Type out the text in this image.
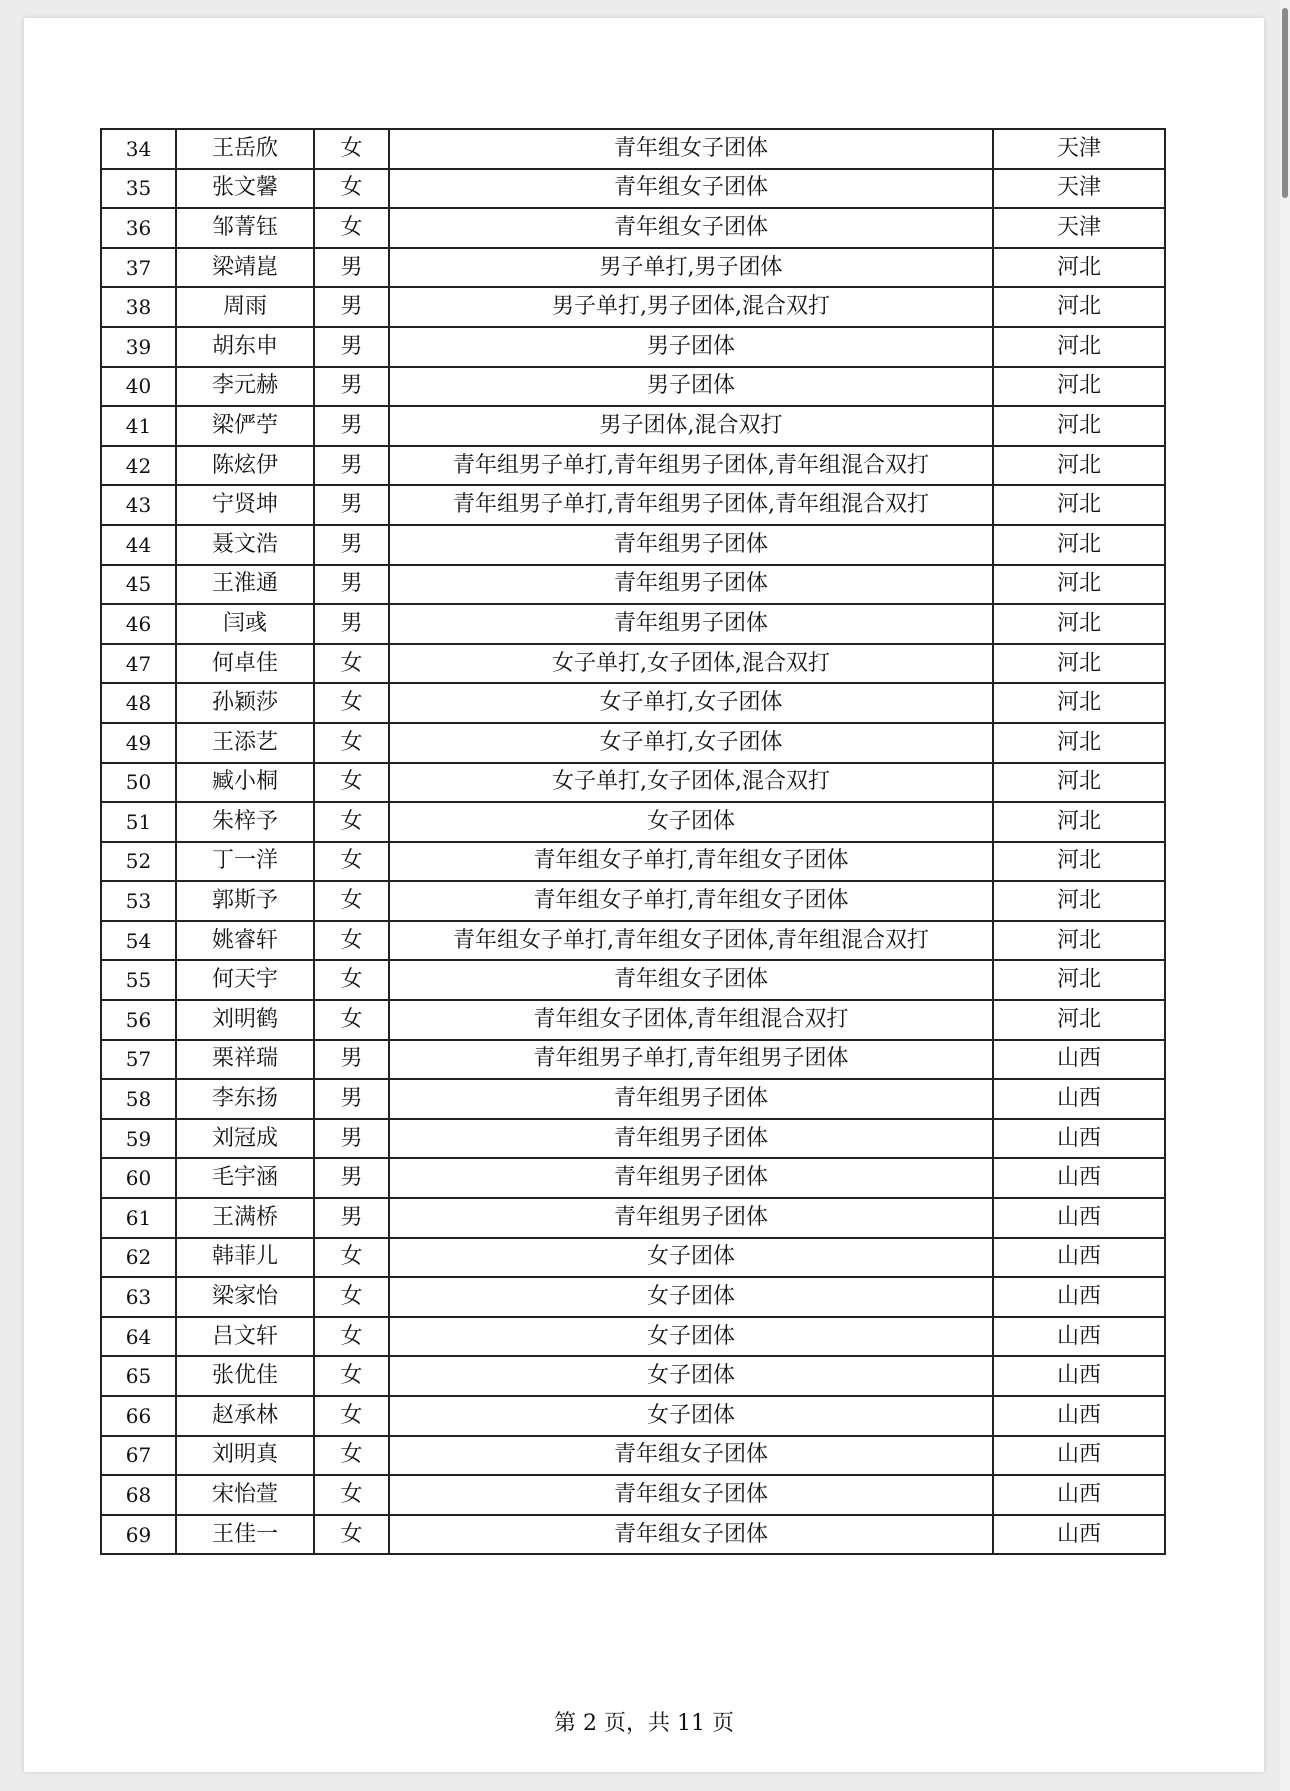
34	王岳欣	女	青年组女子团体	天津
35	张文馨	女	青年组女子团体	天津
36	邹菁钰	女	青年组女子团体	天津
37	梁靖崑	男	男子单打,男子团体	河北
38	周雨	男	男子单打,男子团体,混合双打	河北
39	胡东申	男	男子团体	河北
40	李元赫	男	男子团体	河北
41	梁俨苧	男	男子团体,混合双打	河北
42	陈炫伊	男	青年组男子单打,青年组男子团体,青年组混合双打	河北
43	宁贤坤	男	青年组男子单打,青年组男子团体,青年组混合双打	河北
44	聂文浩	男	青年组男子团体	河北
45	王淮通	男	青年组男子团体	河北
46	闫彧	男	青年组男子团体	河北
47	何卓佳	女	女子单打,女子团体,混合双打	河北
48	孙颖莎	女	女子单打,女子团体	河北
49	王添艺	女	女子单打,女子团体	河北
50	臧小桐	女	女子单打,女子团体,混合双打	河北
51	朱梓予	女	女子团体	河北
52	丁一洋	女	青年组女子单打,青年组女子团体	河北
53	郭斯予	女	青年组女子单打,青年组女子团体	河北
54	姚睿轩	女	青年组女子单打,青年组女子团体,青年组混合双打	河北
55	何天宇	女	青年组女子团体	河北
56	刘明鹤	女	青年组女子团体,青年组混合双打	河北
57	栗祥瑞	男	青年组男子单打,青年组男子团体	山西
58	李东扬	男	青年组男子团体	山西
59	刘冠成	男	青年组男子团体	山西
60	毛宇涵	男	青年组男子团体	山西
61	王满桥	男	青年组男子团体	山西
62	韩菲儿	女	女子团体	山西
63	梁家怡	女	女子团体	山西
64	吕文轩	女	女子团体	山西
65	张优佳	女	女子团体	山西
66	赵承林	女	女子团体	山西
67	刘明真	女	青年组女子团体	山西
68	宋怡萱	女	青年组女子团体	山西
69	王佳一	女	青年组女子团体	山西
第 2 页，共 11 页
